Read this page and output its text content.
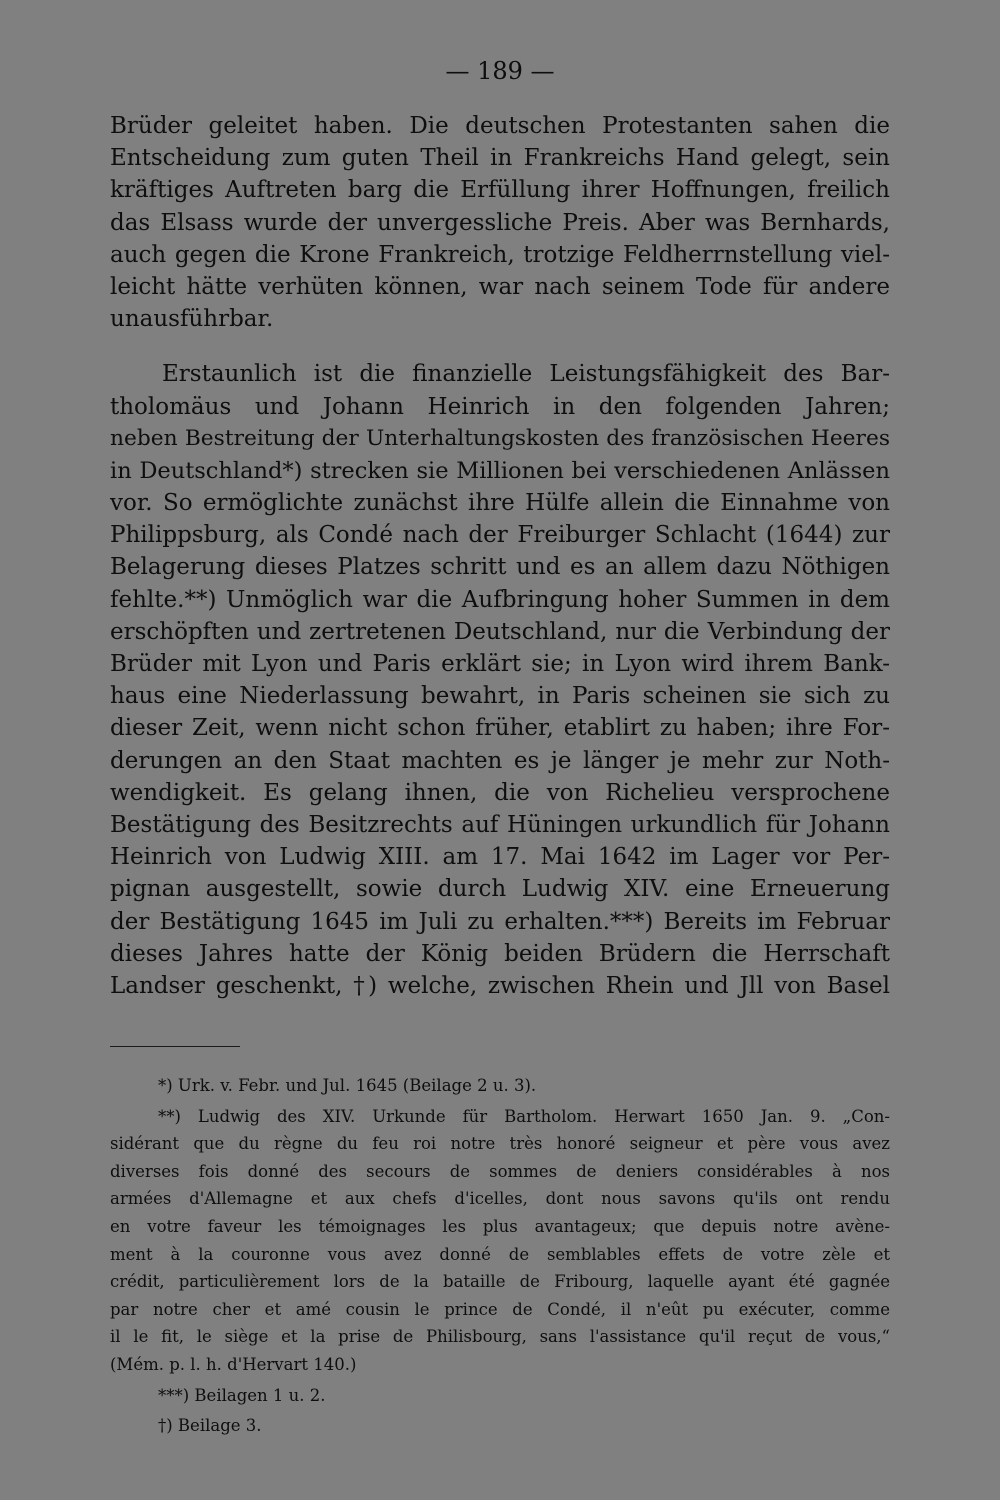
— 189 —
Brüder geleitet haben. Die deutschen Protestanten sahen die
Entscheidung zum guten Theil in Frankreichs Hand gelegt, sein
kräftiges Auftreten barg die Erfüllung ihrer Hoffnungen, freilich
das Elsass wurde der unvergessliche Preis. Aber was Bernhards,
auch gegen die Krone Frankreich, trotzige Feldherrnstellung viel-
leicht hätte verhüten können, war nach seinem Tode für andere
unausführbar.
Erstaunlich ist die finanzielle Leistungsfähigkeit des Bar-
tholomäus und Johann Heinrich in den folgenden Jahren;
neben Bestreitung der Unterhaltungskosten des französischen Heeres
in Deutschland*) strecken sie Millionen bei verschiedenen Anlässen
vor. So ermöglichte zunächst ihre Hülfe allein die Einnahme von
Philippsburg, als Condé nach der Freiburger Schlacht (1644) zur
Belagerung dieses Platzes schritt und es an allem dazu Nöthigen
fehlte.**) Unmöglich war die Aufbringung hoher Summen in dem
erschöpften und zertretenen Deutschland, nur die Verbindung der
Brüder mit Lyon und Paris erklärt sie; in Lyon wird ihrem Bank-
haus eine Niederlassung bewahrt, in Paris scheinen sie sich zu
dieser Zeit, wenn nicht schon früher, etablirt zu haben; ihre For-
derungen an den Staat machten es je länger je mehr zur Noth-
wendigkeit. Es gelang ihnen, die von Richelieu versprochene
Bestätigung des Besitzrechts auf Hüningen urkundlich für Johann
Heinrich von Ludwig XIII. am 17. Mai 1642 im Lager vor Per-
pignan ausgestellt, sowie durch Ludwig XIV. eine Erneuerung
der Bestätigung 1645 im Juli zu erhalten.***) Bereits im Februar
dieses Jahres hatte der König beiden Brüdern die Herrschaft
Landser geschenkt, †) welche, zwischen Rhein und Jll von Basel
*) Urk. v. Febr. und Jul. 1645 (Beilage 2 u. 3).
**) Ludwig des XIV. Urkunde für Bartholom. Herwart 1650 Jan. 9. „Con-
sidérant que du règne du feu roi notre très honoré seigneur et père vous avez
diverses fois donné des secours de sommes de deniers considérables à nos
armées d'Allemagne et aux chefs d'icelles, dont nous savons qu'ils ont rendu
en votre faveur les témoignages les plus avantageux; que depuis notre avène-
ment à la couronne vous avez donné de semblables effets de votre zèle et
crédit, particulièrement lors de la bataille de Fribourg, laquelle ayant été gagnée
par notre cher et amé cousin le prince de Condé, il n'eût pu exécuter, comme
il le fit, le siège et la prise de Philisbourg, sans l'assistance qu'il reçut de vous,“
(Mém. p. l. h. d'Hervart 140.)
***) Beilagen 1 u. 2.
†) Beilage 3.
